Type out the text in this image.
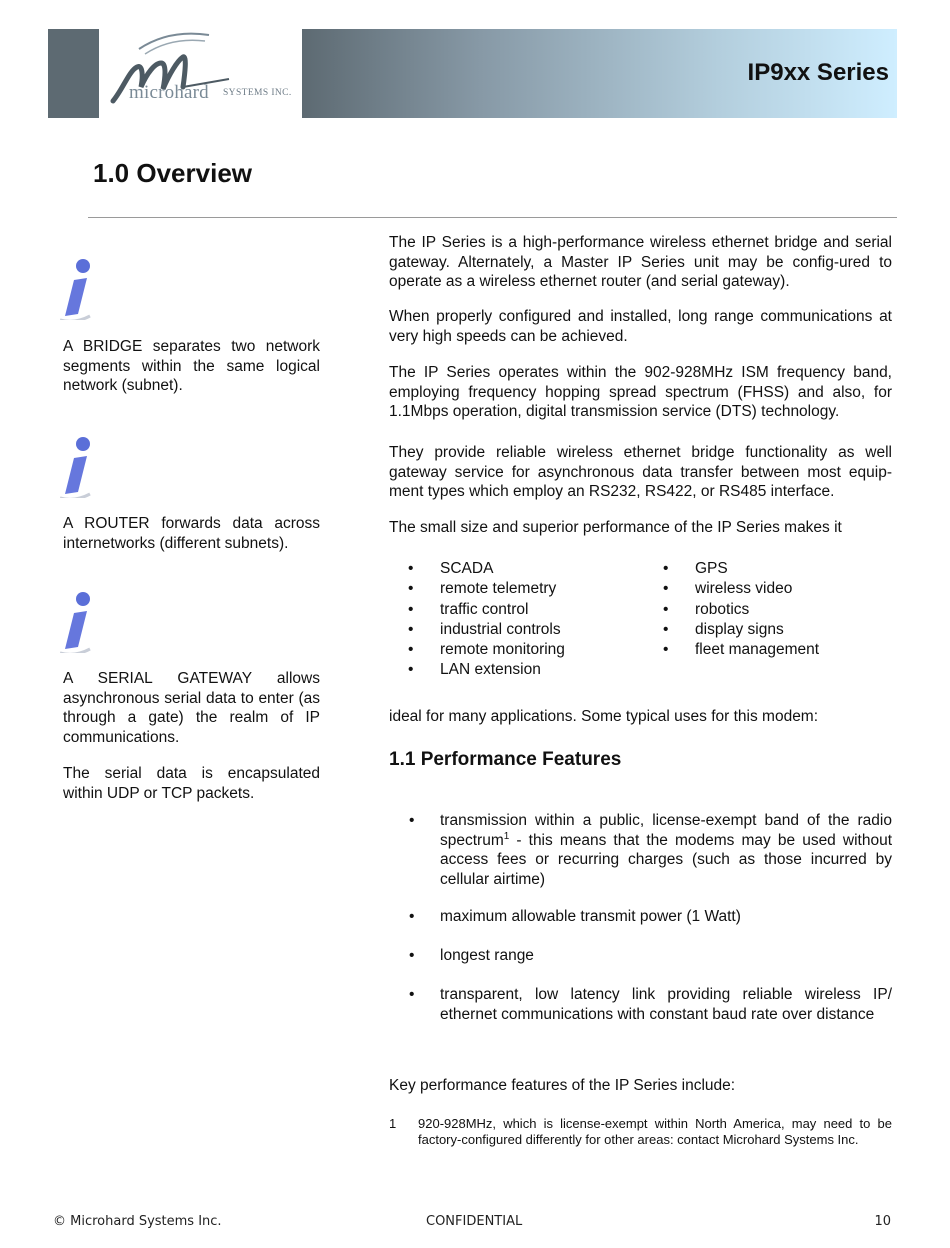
microhard SYSTEMS INC.
IP9xx Series
1.0 Overview
A BRIDGE separates two network segments within the same logical network (subnet).
A ROUTER forwards data across internetworks (different subnets).
A SERIAL GATEWAY allows asynchronous serial data to enter (as through a gate) the realm of IP communications.
The serial data is encapsulated within UDP or TCP packets.
The IP Series is a high-performance wireless ethernet bridge and serial gateway. Alternately, a Master IP Series unit may be config-ured to operate as a wireless ethernet router (and serial gateway).
When properly configured and installed, long range communications at very high speeds can be achieved.
The IP Series operates within the 902-928MHz ISM frequency band, employing frequency hopping spread spectrum (FHSS) and also, for 1.1Mbps operation, digital transmission service (DTS) technology.
They provide reliable wireless ethernet bridge functionality as well gateway service for asynchronous data transfer between most equip-ment types which employ an RS232, RS422, or RS485 interface.
The small size and superior performance of the IP Series makes it
• SCADA
• remote telemetry
• traffic control
• industrial controls
• remote monitoring
• LAN extension
• GPS
• wireless video
• robotics
• display signs
• fleet management
ideal for many applications. Some typical uses for this modem:
1.1 Performance Features
• transmission within a public, license-exempt band of the radio spectrum$^1$ - this means that the modems may be used without access fees or recurring charges (such as those incurred by cellular airtime)
• maximum allowable transmit power (1 Watt)
• longest range
• transparent, low latency link providing reliable wireless IP/ ethernet communications with constant baud rate over distance
Key performance features of the IP Series include:
1 920-928MHz, which is license-exempt within North America, may need to be factory-configured differently for other areas: contact Microhard Systems Inc.
© Microhard Systems Inc.	CONFIDENTIAL	10
